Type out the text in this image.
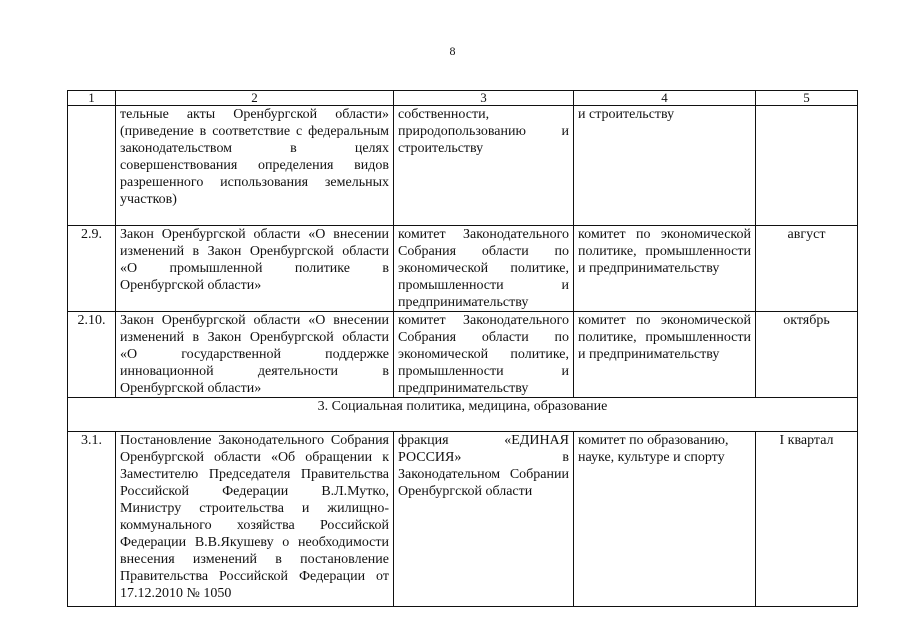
8
1	2	3	4	5
	тельные акты Оренбургской области» (приведение в соответствие с федеральным законодательством в целях совершенствования определения видов разрешенного использования земельных участков)	собственности, природопользованию и строительству	и строительству	
2.9.	Закон Оренбургской области «О внесении изменений в Закон Оренбургской области «О промышленной политике в Оренбургской области»	комитет Законодательного Собрания области по экономической политике, промышленности и предпринимательству	комитет по экономической политике, промышленности и предпринимательству	август
2.10.	Закон Оренбургской области «О внесении изменений в Закон Оренбургской области «О государственной поддержке инновационной деятельности в Оренбургской области»	комитет Законодательного Собрания области по экономической политике, промышленности и предпринимательству	комитет по экономической политике, промышленности и предпринимательству	октябрь
3. Социальная политика, медицина, образование				
3.1.	Постановление Законодательного Собрания Оренбургской области «Об обращении к Заместителю Председателя Правительства Российской Федерации В.Л.Мутко, Министру строительства и жилищно-коммунального хозяйства Российской Федерации В.В.Якушеву о необходимости внесения изменений в постановление Правительства Российской Федерации от 17.12.2010 № 1050	фракция «ЕДИНАЯ РОССИЯ» в Законодательном Собрании Оренбургской области	комитет по образованию, науке, культуре и спорту	I квартал
